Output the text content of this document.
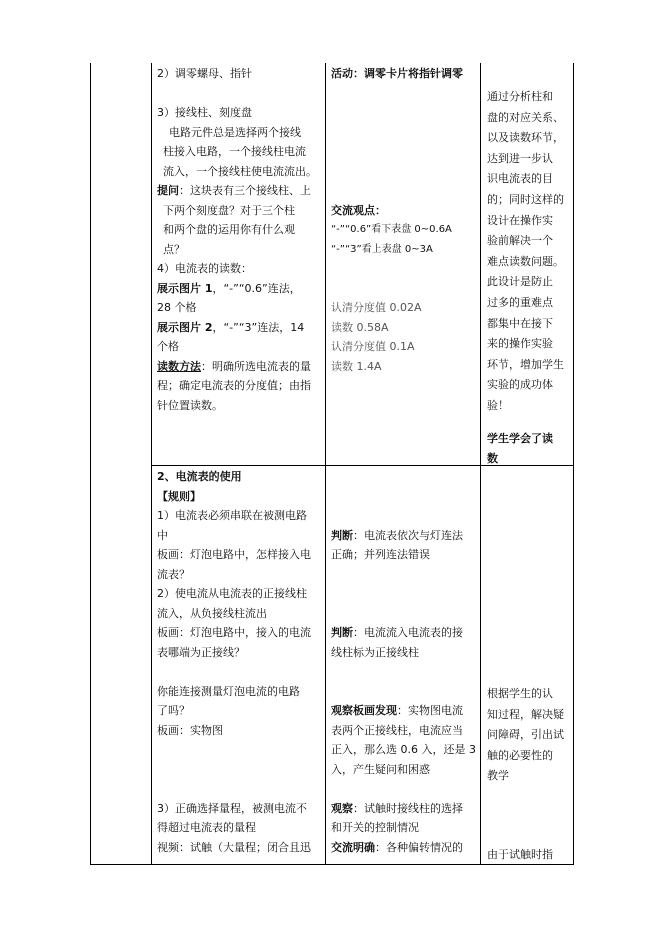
2）调零螺母、指针

3）接线柱、刻度盘

电路元件总是选择两个接线

柱接入电路，一个接线柱电流

流入，一个接线柱使电流流出。

提问：这块表有三个接线柱、上

下两个刻度盘？对于三个柱

和两个盘的运用你有什么观

点？

4）电流表的读数：

展示图片 1，“-”“0.6”连法，

28 个格

展示图片 2，“-”“3”连法，14

个格

读数方法：明确所选电流表的量

程；确定电流表的分度值；由指

针位置读数。

活动：调零卡片将指针调零

交流观点：

“-”“0.6”看下表盘 0~0.6A

“-”“3”看上表盘 0~3A

认清分度值 0.02A

读数 0.58A

认清分度值 0.1A

读数 1.4A

通过分析柱和

盘的对应关系、

以及读数环节，

达到进一步认

识电流表的目

的；同时这样的

设计在操作实

验前解决一个

难点读数问题。

此设计是防止

过多的重难点

都集中在接下

来的操作实验

环节，增加学生

实验的成功体

验！

学生学会了读

数

2、电流表的使用

【规则】

1）电流表必须串联在被测电路

中

板画：灯泡电路中，怎样接入电

流表？

2）使电流从电流表的正接线柱

流入，从负接线柱流出

板画：灯泡电路中，接入的电流

表哪端为正接线？

你能连接测量灯泡电流的电路

了吗？

板画：实物图

3）正确选择量程，被测电流不

得超过电流表的量程

视频：试触（大量程；闭合且迅

判断：电流表依次与灯连法

正确；并列连法错误

判断：电流流入电流表的接

线柱标为正接线柱

观察板画发现：实物图电流

表两个正接线柱，电流应当

正入，那么选 0.6 入，还是 3

入，产生疑问和困惑

观察：试触时接线柱的选择

和开关的控制情况

交流明确：各种偏转情况的

根据学生的认

知过程，解决疑

问障碍，引出试

触的必要性的

教学

由于试触时指
